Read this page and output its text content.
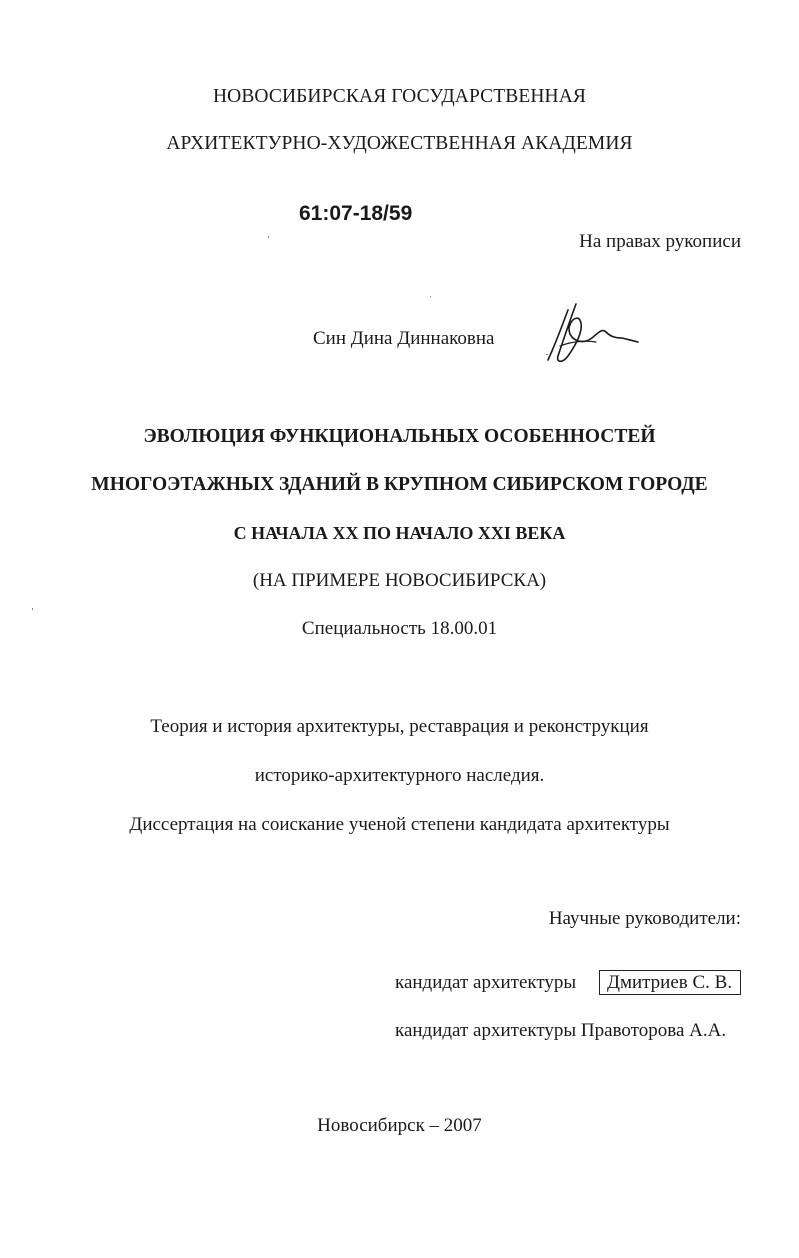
НОВОСИБИРСКАЯ ГОСУДАРСТВЕННАЯ
АРХИТЕКТУРНО-ХУДОЖЕСТВЕННАЯ АКАДЕМИЯ
61:07-18/59
На правах рукописи
Син Дина Диннаковна
ЭВОЛЮЦИЯ ФУНКЦИОНАЛЬНЫХ ОСОБЕННОСТЕЙ
МНОГОЭТАЖНЫХ ЗДАНИЙ В КРУПНОМ СИБИРСКОМ ГОРОДЕ
С НАЧАЛА XX ПО НАЧАЛО XXI ВЕКА
(НА ПРИМЕРЕ НОВОСИБИРСКА)
Специальность 18.00.01
Теория и история архитектуры, реставрация и реконструкция
историко-архитектурного наследия.
Диссертация на соискание ученой степени кандидата архитектуры
Научные руководители:
кандидат архитектуры	Дмитриев С. В.
кандидат архитектуры Правоторова А.А.
Новосибирск – 2007
